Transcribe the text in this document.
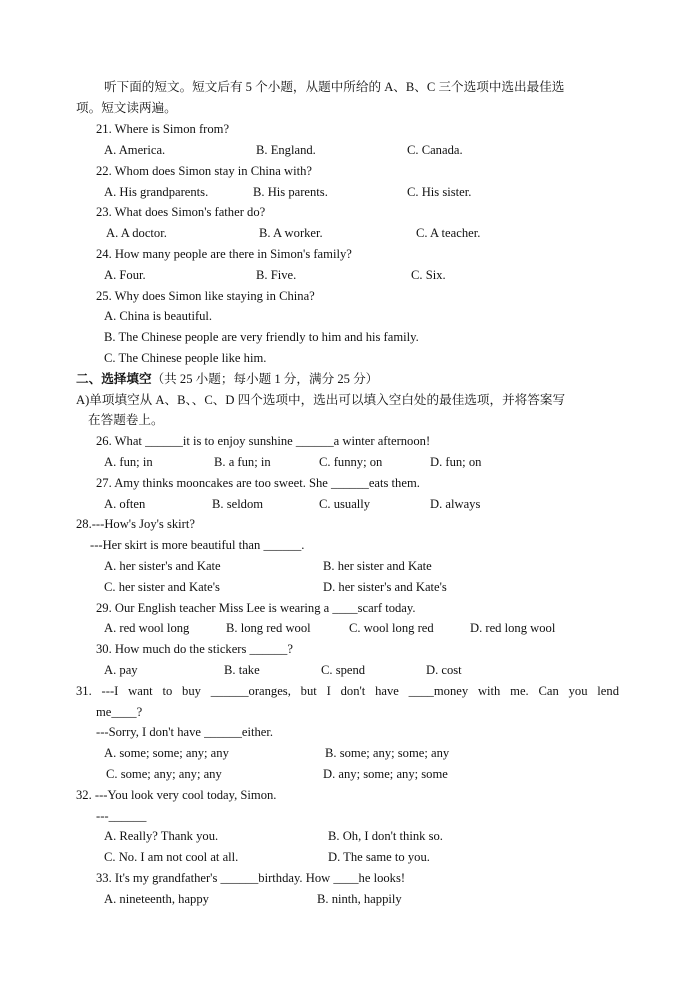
听下面的短文。短文后有 5 个小题，从题中所给的 A、B、C 三个选项中选出最佳选
项。短文读两遍。
21. Where is Simon from?
A. America.	B. England.	C. Canada.
22. Whom does Simon stay in China with?
A. His grandparents.	B. His parents.	C. His sister.
23. What does Simon's father do?
A. A doctor.	B. A worker.	C. A teacher.
24. How many people are there in Simon's family?
A. Four.	B. Five.	C. Six.
25. Why does Simon like staying in China?
A. China is beautiful.
B. The Chinese people are very friendly to him and his family.
C. The Chinese people like him.
二、选择填空（共 25 小题；每小题 1 分，满分 25 分）
A)单项填空从 A、B、、C、D 四个选项中，选出可以填入空白处的最佳选项，并将答案写
在答题卷上。
26. What ______it is to enjoy sunshine ______a winter afternoon!
A. fun; in	B. a fun; in	C. funny; on	D. fun; on
27. Amy thinks mooncakes are too sweet. She ______eats them.
A. often	B. seldom	C. usually	D. always
28.---How's Joy's skirt?
---Her skirt is more beautiful than ______.
A. her sister's and Kate	B. her sister and Kate
C. her sister and Kate's	D. her sister's and Kate's
29. Our English teacher Miss Lee is wearing a ____scarf today.
A. red wool long	B. long red wool	C. wool long red	D. red long wool
30. How much do the stickers ______?
A. pay	B. take	C. spend	D. cost
31. ---I want to buy ______oranges, but I don't have ____money with me. Can you lend
me____?
---Sorry, I don't have ______either.
A. some; some; any; any	B. some; any; some; any
C. some; any; any; any	D. any; some; any; some
32. ---You look very cool today, Simon.
---______
A. Really? Thank you.	B. Oh, I don't think so.
C. No. I am not cool at all.	D. The same to you.
33. It's my grandfather's ______birthday. How ____he looks!
A. nineteenth, happy	B. ninth, happily
